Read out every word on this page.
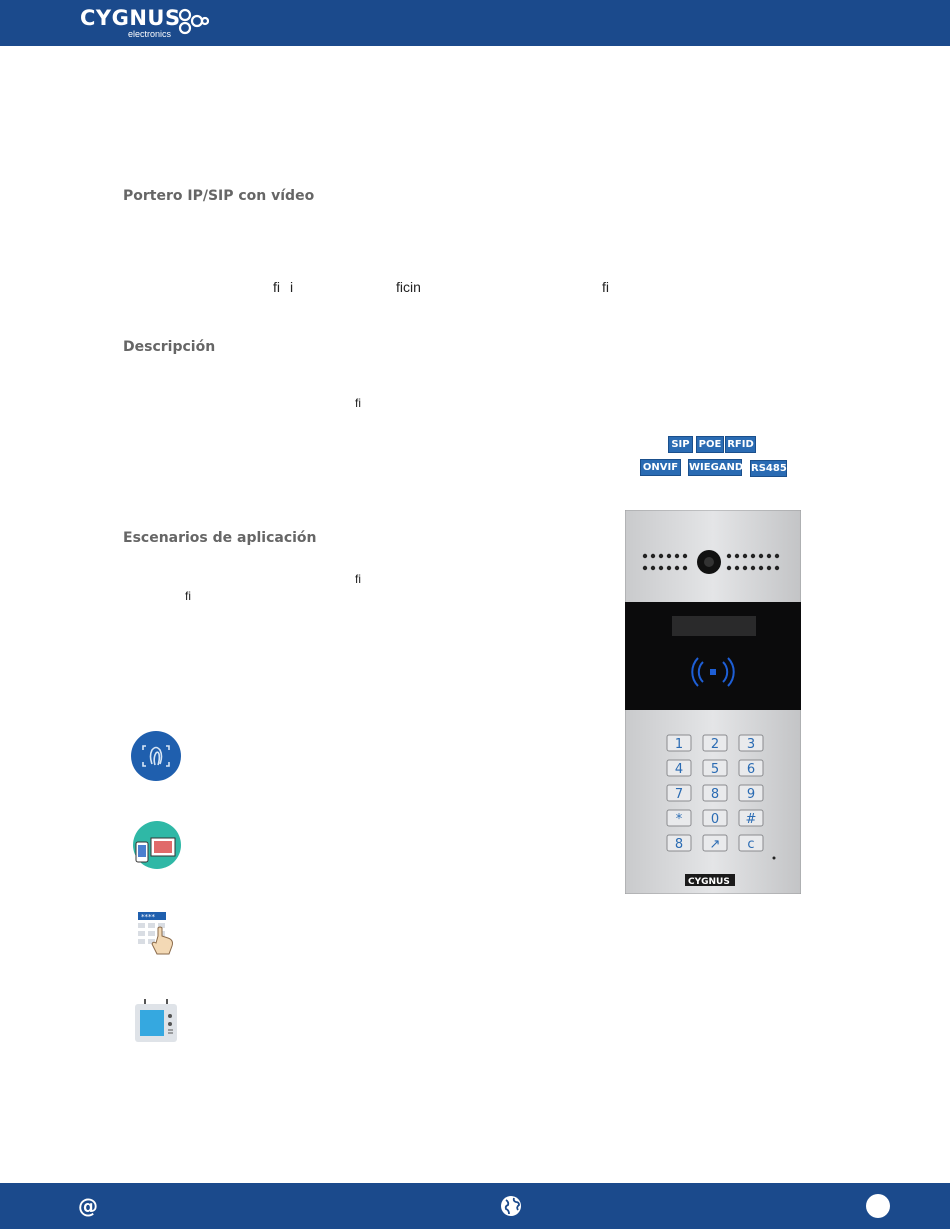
CYGNUS
electronics
Portero IP/SIP con vídeo
Descripción
Escenarios de aplicación
ﬁ i	ficin	ﬁ
ﬁ
ﬁ
ﬁ
SIP POE RFID
ONVIF WIEGAND RS485
1 2 3
4 5 6
7 8 9
* 0 #
8 ↗ c
CYGNUS
****
@
